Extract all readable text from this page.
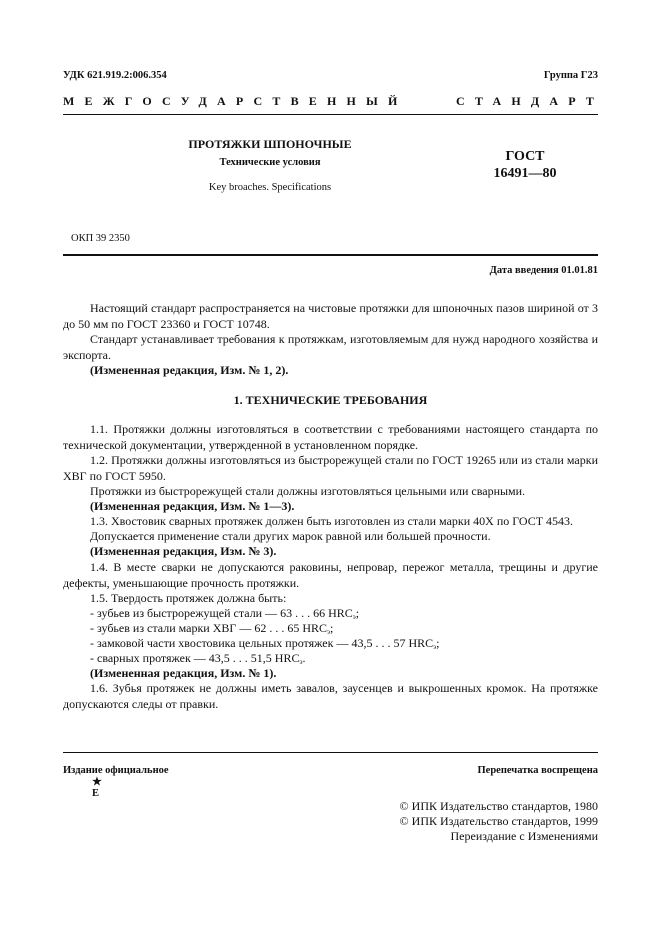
УДК 621.919.2:006.354	Группа Г23
МЕЖГОСУДАРСТВЕННЫЙ	СТАНДАРТ
ПРОТЯЖКИ ШПОНОЧНЫЕ
Технические условия
Key broaches. Specifications
ГОСТ
16491—80
ОКП 39 2350
Дата введения 01.01.81
Настоящий стандарт распространяется на чистовые протяжки для шпоночных пазов шириной от 3 до 50 мм по ГОСТ 23360 и ГОСТ 10748.
Стандарт устанавливает требования к протяжкам, изготовляемым для нужд народного хозяйства и экспорта.
(Измененная редакция, Изм. № 1, 2).
1. ТЕХНИЧЕСКИЕ ТРЕБОВАНИЯ
1.1. Протяжки должны изготовляться в соответствии с требованиями настоящего стандарта по технической документации, утвержденной в установленном порядке.
1.2. Протяжки должны изготовляться из быстрорежущей стали по ГОСТ 19265 или из стали марки ХВГ по ГОСТ 5950.
Протяжки из быстрорежущей стали должны изготовляться цельными или сварными.
(Измененная редакция, Изм. № 1—3).
1.3. Хвостовик сварных протяжек должен быть изготовлен из стали марки 40Х по ГОСТ 4543.
Допускается применение стали других марок равной или большей прочности.
(Измененная редакция, Изм. № 3).
1.4. В месте сварки не допускаются раковины, непровар, пережог металла, трещины и другие дефекты, уменьшающие прочность протяжки.
1.5. Твердость протяжек должна быть:
- зубьев из быстрорежущей стали — 63 . . . 66 $HRC_э$;
- зубьев из стали марки ХВГ — 62 . . . 65 $HRC_э$;
- замковой части хвостовика цельных протяжек — 43,5 . . . 57 $HRC_э$;
- сварных протяжек — 43,5 . . . 51,5 $HRC_э$.
(Измененная редакция, Изм. № 1).
1.6. Зубья протяжек не должны иметь завалов, заусенцев и выкрошенных кромок. На протяжке допускаются следы от правки.
Издание официальное	Перепечатка воспрещена
★
Е
© ИПК Издательство стандартов, 1980
© ИПК Издательство стандартов, 1999
Переиздание с Изменениями
